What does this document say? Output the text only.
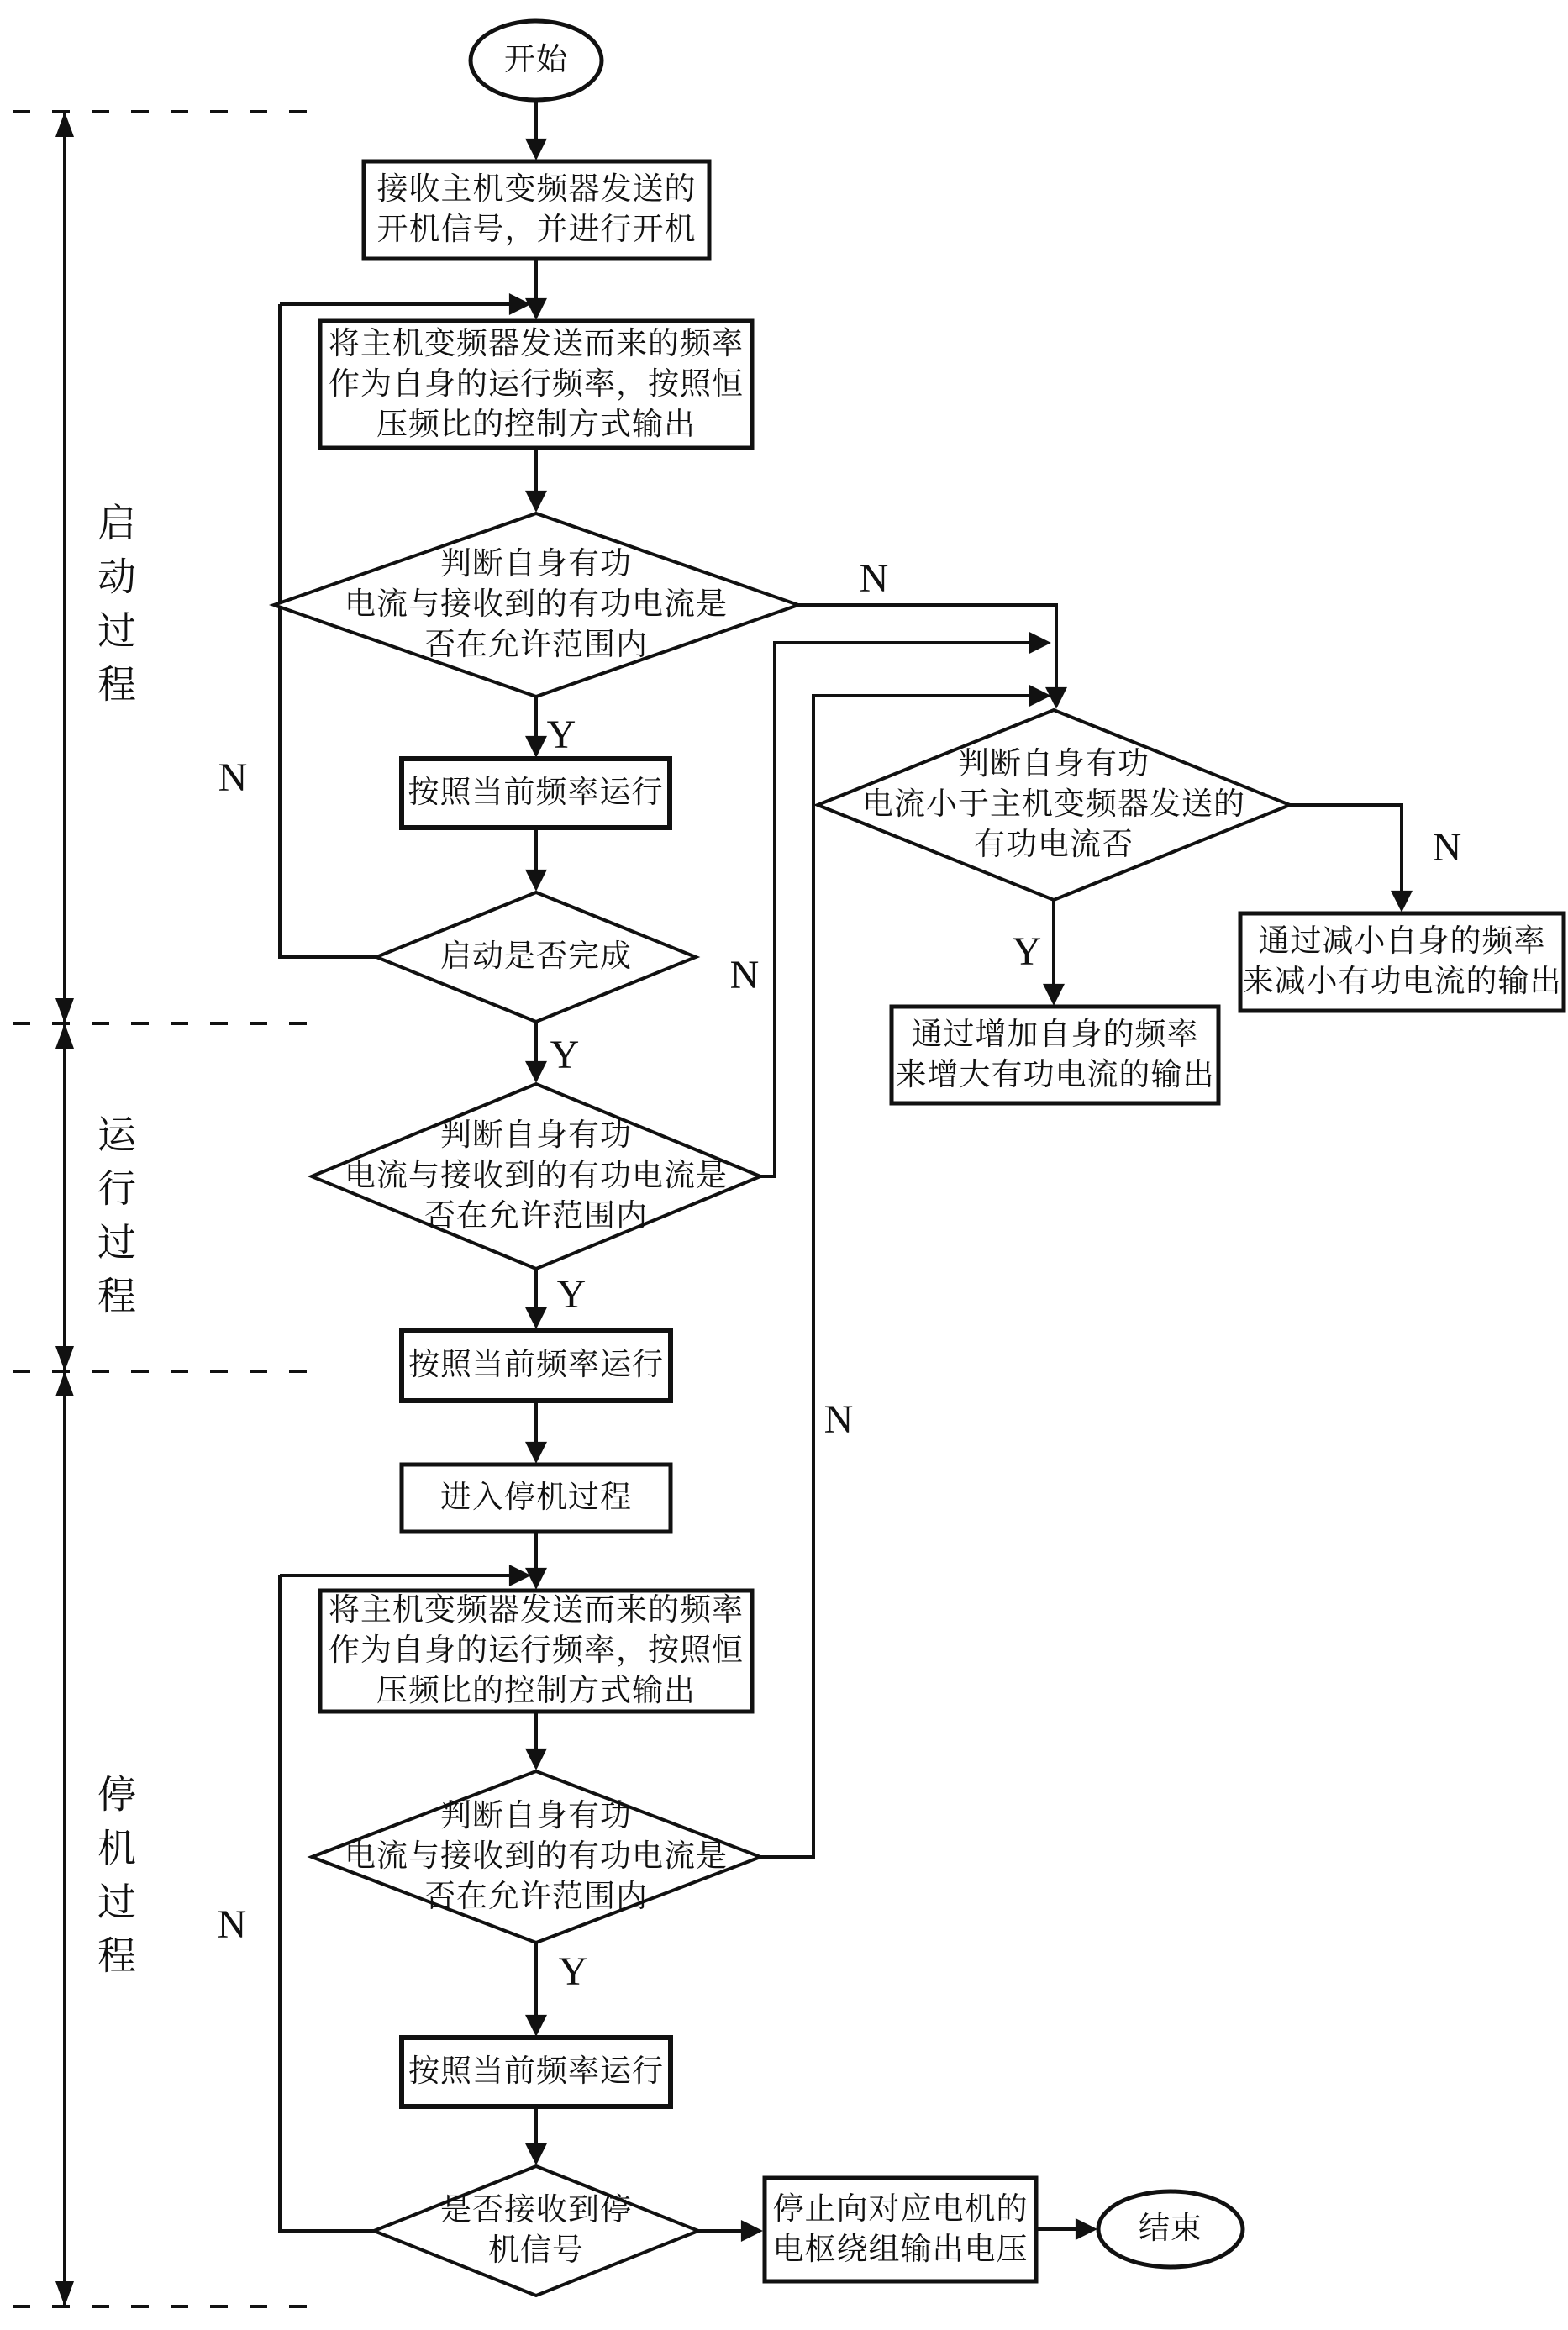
开始
接收主机变频器发送的
开机信号，并进行开机
将主机变频器发送而来的频率
作为自身的运行频率，按照恒
压频比的控制方式输出
判断自身有功
电流与接收到的有功电流是
否在允许范围内
按照当前频率运行
启动是否完成
判断自身有功
电流与接收到的有功电流是
否在允许范围内
按照当前频率运行
进入停机过程
将主机变频器发送而来的频率
作为自身的运行频率，按照恒
压频比的控制方式输出
判断自身有功
电流与接收到的有功电流是
否在允许范围内
按照当前频率运行
是否接收到停
机信号
停止向对应电机的
电枢绕组输出电压
结束
判断自身有功
电流小于主机变频器发送的
有功电流否
通过增加自身的频率
来增大有功电流的输出
通过减小自身的频率
来减小有功电流的输出
Y
N
Y
N
Y
N
Y
N
N
Y
N
启动过程
运行过程
停机过程
